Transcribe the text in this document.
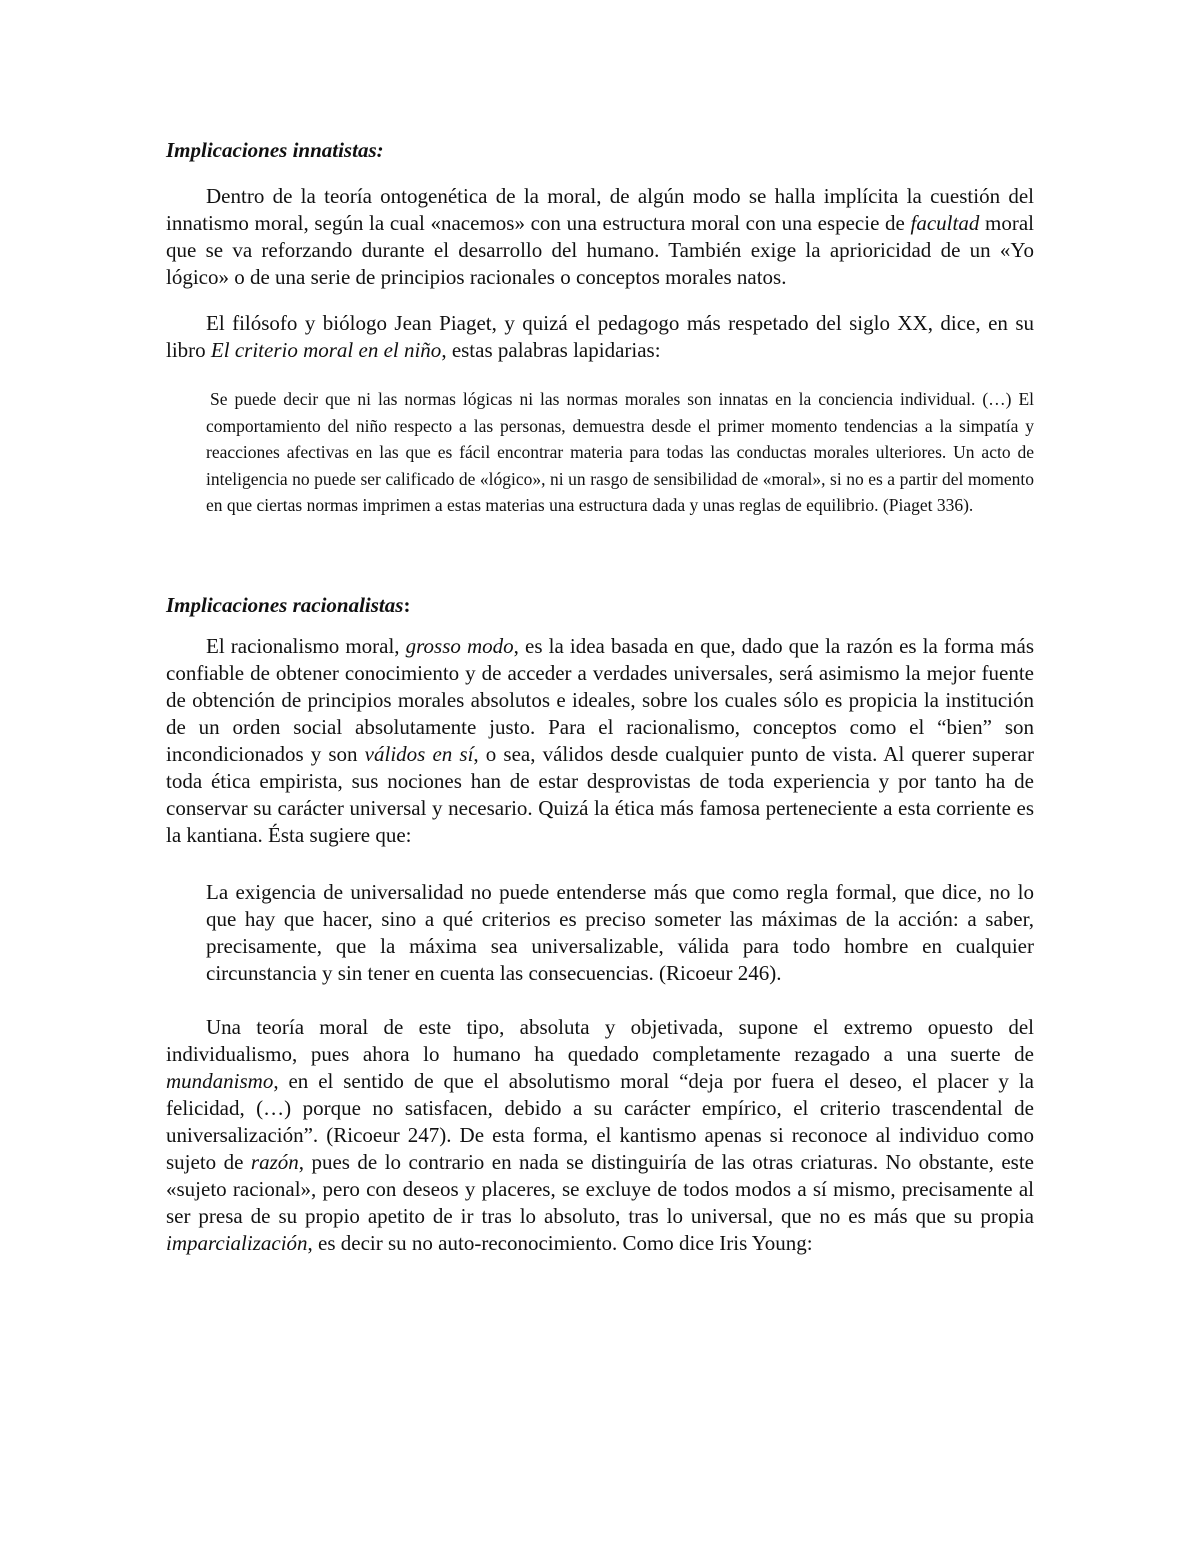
Implicaciones innatistas:

Dentro de la teoría ontogenética de la moral, de algún modo se halla implícita la cuestión del innatismo moral, según la cual «nacemos» con una estructura moral con una especie de facultad moral que se va reforzando durante el desarrollo del humano. También exige la aprioricidad de un «Yo lógico» o de una serie de principios racionales o conceptos morales natos.

El filósofo y biólogo Jean Piaget, y quizá el pedagogo más respetado del siglo XX, dice, en su libro El criterio moral en el niño, estas palabras lapidarias:

Se puede decir que ni las normas lógicas ni las normas morales son innatas en la conciencia individual. (…) El comportamiento del niño respecto a las personas, demuestra desde el primer momento tendencias a la simpatía y reacciones afectivas en las que es fácil encontrar materia para todas las conductas morales ulteriores. Un acto de inteligencia no puede ser calificado de «lógico», ni un rasgo de sensibilidad de «moral», si no es a partir del momento en que ciertas normas imprimen a estas materias una estructura dada y unas reglas de equilibrio. (Piaget 336).

Implicaciones racionalistas:

El racionalismo moral, grosso modo, es la idea basada en que, dado que la razón es la forma más confiable de obtener conocimiento y de acceder a verdades universales, será asimismo la mejor fuente de obtención de principios morales absolutos e ideales, sobre los cuales sólo es propicia la institución de un orden social absolutamente justo. Para el racionalismo, conceptos como el “bien” son incondicionados y son válidos en sí, o sea, válidos desde cualquier punto de vista. Al querer superar toda ética empirista, sus nociones han de estar desprovistas de toda experiencia y por tanto ha de conservar su carácter universal y necesario. Quizá la ética más famosa perteneciente a esta corriente es la kantiana. Ésta sugiere que:

La exigencia de universalidad no puede entenderse más que como regla formal, que dice, no lo que hay que hacer, sino a qué criterios es preciso someter las máximas de la acción: a saber, precisamente, que la máxima sea universalizable, válida para todo hombre en cualquier circunstancia y sin tener en cuenta las consecuencias. (Ricoeur 246).

Una teoría moral de este tipo, absoluta y objetivada, supone el extremo opuesto del individualismo, pues ahora lo humano ha quedado completamente rezagado a una suerte de mundanismo, en el sentido de que el absolutismo moral “deja por fuera el deseo, el placer y la felicidad, (…) porque no satisfacen, debido a su carácter empírico, el criterio trascendental de universalización”. (Ricoeur 247). De esta forma, el kantismo apenas si reconoce al individuo como sujeto de razón, pues de lo contrario en nada se distinguiría de las otras criaturas. No obstante, este «sujeto racional», pero con deseos y placeres, se excluye de todos modos a sí mismo, precisamente al ser presa de su propio apetito de ir tras lo absoluto, tras lo universal, que no es más que su propia imparcialización, es decir su no auto-reconocimiento. Como dice Iris Young:
